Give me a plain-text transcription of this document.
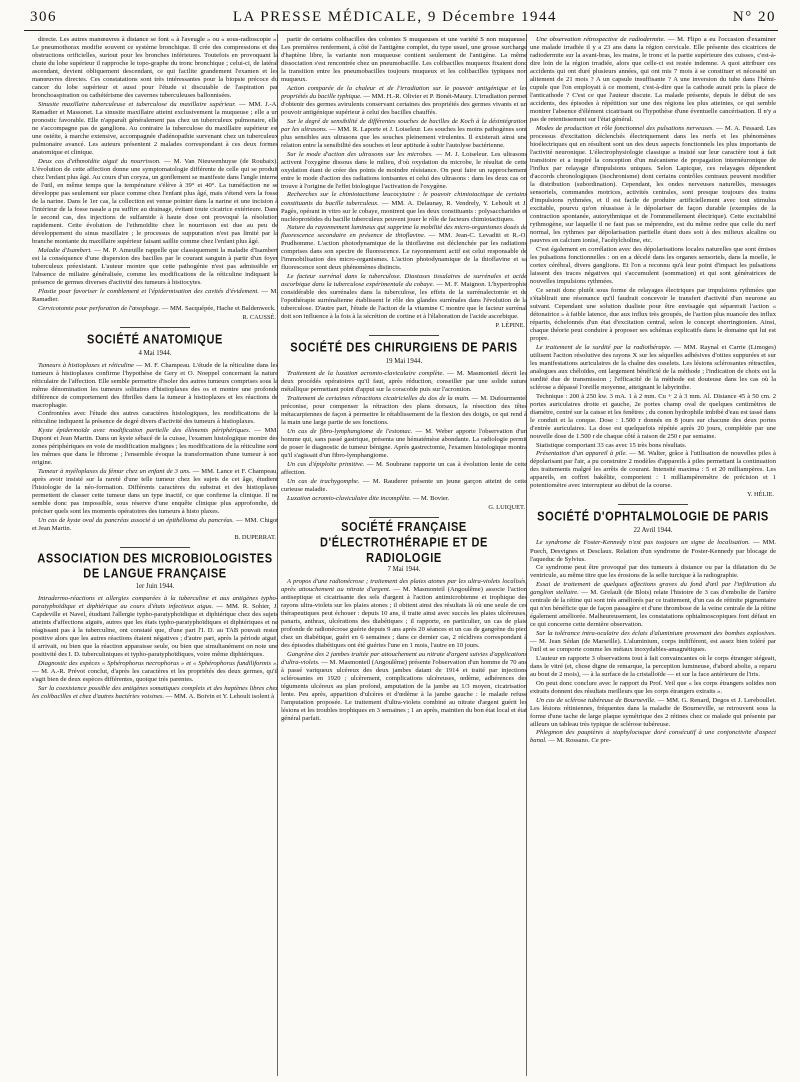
306	LA PRESSE MÉDICALE, 9 Décembre 1944	N° 20

directe. Les autres manœuvres à distance se font « à l'aveugle » ou « sous-radioscopie ». Le pneumothorax modifie souvent ce système bronchique. Il crée des compressions et des obstructions orificielles, surtout pour les bronches inférieures. Toutefois en provoquant la chute du lobe supérieur il rapproche le topo-graphe du tronc bronchique ; celui-ci, de latéral ascendant, devient obliquement descendant, ce qui facilite grandement l'examen et les manœuvres directes. Ces constatations sont très intéressantes pour la biopsie précoce du cancer du lobe supérieur et aussi pour l'étude si discutable de l'aspiration par bronchoaspiration ou cathétérisme des cavernes tuberculeuses ballonnisées.

Sinusite maxillaire tuberculeuse et tuberculose du maxillaire supérieur. — MM. J.-A. Ramadier et Massonet. La sinusite maxillaire atteint exclusivement la muqueuse ; elle a un pronostic favorable. Elle n'apparaît généralement pas chez un tuberculeux pulmonaire, elle ne s'accompagne pas de ganglions. Au contraire la tuberculose du maxillaire supérieur est une ostéite, à marche extensive, accompagnée d'adénopathie survenant chez un tuberculeux pulmonaire avancé. Les auteurs présentent 2 malades correspondant à ces deux formes anatomique et clinique.

Deux cas d'ethmoïdite aiguë du nourrisson. — M. Van Nieuwenhuyse (de Roubaix). L'évolution de cette affection donne une symptomatologie différente de celle qui se produit chez l'enfant plus âgé. Au cours d'un coryza, un gonflement se manifeste dans l'angle interne de l'œil, en même temps que la température s'élève à 39° et 40°. La tuméfaction ne se développe pas seulement sur place comme chez l'enfant plus âgé, mais s'étend vers la fosse de la narine. Dans le 1er cas, la collection est venue pointer dans la narine et une incision à l'intérieur de la fosse nasale a pu suffire au drainage, évitant toute cicatrice extérieure. Dans le second cas, des injections de sulfamide à haute dose ont provoqué la résolution rapidement. Cette évolution de l'ethmoïdite chez le nourrisson est due au peu de développement du sinus maxillaire ; le processus de suppuration n'est pas limité par la branche montante du maxillaire supérieur faisant saillie comme chez l'enfant plus âgé.

Maladie d'Isambert. — M. P. Ameuille rappelle que classiquement la maladie d'Isambert est la conséquence d'une dispersion des bacilles par le courant sanguin à partir d'un foyer tuberculeux préexistant. L'auteur montre que cette pathogénie n'est pas admissible en l'absence de miliaire généralisée, comme les modifications de la réticuline indiquant la présence de germes diverses d'activité des tumeurs à histiocytes.

Plastie pour favoriser le comblement et l'épidermisation des cavités d'évidement. — M. Ramadier.

Cervicotomie pour perforation de l'œsophage. — MM. Sacquépée, Hache et Baldenweck.

R. CAUSSÉ.
SOCIÉTÉ ANATOMIQUE
4 Mai 1944.

Tumeurs à histioplaxes et réticuline — M. F. Champeau. L'étude de la réticuline dans les tumeurs à histioplaxes confirme l'hypothèse de Gery et O. Noeppel concernant la nature réticulaire de l'affection. Elle semble permettre d'isoler des autres tumeurs comprises sous la même dénomination les tumeurs solitaires d'histioplaxes des os et montre une profonde différence de comportement des fibrilles dans la tumeur à histioplaxes et les réactions de macrophagie.

Confrontées avec l'étude des autres caractères histologiques, les modifications de la réticuline indiquent la présence de degré divers d'activité des tumeurs à histioplaxes.

Kyste épidermoïde avec modification partielle des éléments périphériques. — MM. Dupont et Jean Martin. Dans un kyste sébacé de la cuisse, l'examen histologique montre des zones périphériques en voie de modification malignes ; les modifications de la réticuline sont les mêmes que dans le fibrome ; l'ensemble évoque la transformation d'une tumeur à son origine.

Tumeur à myéloplaxes du fémur chez un enfant de 3 ans. — MM. Lance et F. Champeau, après avoir insisté sur la rareté d'une telle tumeur chez les sujets de cet âge, étudient l'histologie de la néo-formation. Différents caractères du substrat et des histioplaxes permettent de classer cette tumeur dans un type inactif, ce que confirme la clinique. Il ne semble donc pas impossible, sous réserve d'une enquête clinique plus approfondie, de préciser quels sont les moments opératoires des tumeurs à histo plaxes.

Un cas de kyste oval du pancréas associé à un épithélioma du pancréas. — MM. Chigot et Jean Martin.

B. DUPERRAT.
ASSOCIATION DES MICROBIOLOGISTES DE LANGUE FRANÇAISE
1er Juin 1944.

Intradermo-réactions et allergies comparées à la tuberculine et aux antigènes typho-paratyphoïdique et diphtérique au cours d'états infectieux aigus. — MM. R. Sohier, J. Capdeville et Navel, étudiant l'allergie typho-paratyphoïdique et diphtérique chez des sujets atteints d'affections aiguës, autres que les états typho-paratyphoïdiques et diphtériques et ne réagissant pas à la tuberculine, ont constaté que, d'une part l'I. D. au TAB pouvait rester positive alors que les autres réactions étaient négatives ; d'autre part, après la période aiguë, il arrivait, ou bien que la réaction apparaisse seule, ou bien que simultanément on note une positivité des I. D. tuberculiniques et typho-paratyphoïdiques, voire même diphtériques.

Diagnostic des espèces « Sphérophorus necrophorus » et « Sphérophorus fundiliformis ». — M. A.-R. Prévot conclut, d'après les caractères et les propriétés des deux germes, qu'il s'agit bien de deux espèces différentes, quoique très parentes.

Sur la coexistence possible des antigènes somatiques complets et des haptènes libres chez les colibacilles et chez d'autres bactéries voisines. — MM. A. Boivin et Y. Lehoult isolent à

partir de certains colibacilles des colonies S muqueuses et une variété S non muqueuse. Les premières renferment, à côté de l'antigène complet, du type usuel, une grosse surcharge d'haptène libre, la variante non muqueuse contient seulement de l'antigène. La même dissociation s'est rencontrée chez un pneumobacille. Les colibacilles muqueux fixaient donc la transition entre les pneumobacilles toujours muqueux et les colibacilles typiques non muqueux.

Action comparée de la chaleur et de l'irradiation sur le pouvoir antigénique et les propriétés du bacille typhique. — MM. H.-R. Olivier et P. Bonét-Maury. L'irradiation permet d'obtenir des germes avirulents conservant certaines des propriétés des germes vivants et un pouvoir antigénique supérieur à celui des bacilles chauffés.

Sur le degré de sensibilité de différentes souches de bacilles de Koch à la désintégration par les ultrasons. — MM. R. Laporte et J. Loiseleur. Les souches les moins pathogènes sont plus sensibles aux ultrasons que les souches pleinement virulentes. Il existerait ainsi une relation entre la sensibilité des souches et leur aptitude à subir l'autolyse bactérienne.

Sur le mode d'action des ultrasons sur les microbes. — M. J. Loiseleur. Les ultrasons activent l'oxygène dissous dans le milieu, d'où oxydation du microbe, le résultat de cette oxydation étant de créer des points de moindre résistance. On peut faire un rapprochement entre le mode d'action des radiations ionisantes et celui des ultrasons : dans les deux cas on trouve à l'origine de l'effet biologique l'activation de l'oxygène.

Recherches sur le chimiotactisme leucocytaire : le pouvoir chimiotactique de certains constituants du bacille tuberculeux. — MM. A. Delaunay, R. Vendrely, Y. Lehoult et J. Pagès, opérant in vitro sur le cobaye, montrent que les deux constituants : polysaccharides et nucléoprotéides du bacille tuberculeux peuvent jouer le rôle de facteurs chimiotactiques.

Nature du rayonnement lumineux qui supprime la mobilité des micro-organismes doués de fluorescence secondaire en présence de thioflavine. — MM. Jean-C. Levaditi et R.-O. Prudhomme. L'action photodynamique de la thioflavine est déclenchée par les radiations comprises dans son spectre de fluorescence. Le rayonnement actif est celui responsable de l'immobilisation des micro-organismes. L'action photodynamique de la thioflavine et sa fluorescence sont deux phénomènes distincts.

Le facteur surrénal dans la tuberculose. Diastases tissulaires de surrénales et acide ascorbique dans la tuberculose expérimentale du cobaye. — M. F. Maignon. L'hypertrophie considérable des surrénales dans la tuberculose, les effets de la surrénalectomie et de l'opothérapie surrénalienne établissent le rôle des glandes surrénales dans l'évolution de la tuberculose. D'autre part, l'étude de l'action de la vitamine C montre que le facteur surrénal doit son influence à la fois à la sécrétion de cortine et à l'élaboration de l'acide ascorbique.

P. LÉPINE.
SOCIÉTÉ DES CHIRURGIENS DE PARIS
19 Mai 1944.

Traitement de la luxation acromio-claviculaire complète. — M. Masmonteil décrit les deux procédés opératoires qu'il faut, après réduction, conseiller par une solide suture métallique permettant point d'appui sur la coracoïde puis sur l'acromion.

Traitement de certaines rétractions cicatricielles du dos de la main. — M. Dufourmentel préconise, pour compenser la rétraction des plans dorsaux, la résection des têtes métacarpiennes de façon à permettre le rétablissement de la flexion des doigts, ce qui rend à la main une large partie de ses fonctions.

Un cas de fibro-lymphangiome de l'estomac. — M. Weber apporte l'observation d'un homme qui, sans passé gastrique, présenta une hématémèse abondante. La radiologie permit de poser le diagnostic de tumeur bénigne. Après gastrectomie, l'examen histologique montra qu'il s'agissait d'un fibro-lymphangiome.

Un cas d'épiploïte primitive. — M. Soubrane rapporte un cas à évolution lente de cette affection.

Un cas de trachygomphe. — M. Rauderer présente un jeune garçon atteint de cette curieuse maladie.

Luxation acromio-claviculaire dite incomplète. — M. Bovier.

G. LUIQUET.
SOCIÉTÉ FRANÇAISE D'ÉLECTROTHÉRAPIE ET DE RADIOLOGIE
7 Mai 1944.

A propos d'une radionécrose ; traitement des plaies atones par les ultra-violets localisés, après attouchement au nitrate d'argent. — M. Masmonteil (Angoulême) associe l'action antiseptique et cicatrisante des sels d'argent à l'action antimicrobienne et trophique des rayons ultra-violets sur les plaies atones ; il obtient ainsi des résultats là où une seule de ces thérapeutiques peut échouer : depuis 10 ans, il traite ainsi avec succès les plaies ulcéreuses, panaris, anthrax, ulcérations des diabétiques ; il rapporte, en particulier, un cas de plaie profonde de radionécrose guérie depuis 9 ans après 20 séances et un cas de gangrène du pied chez un diabétique, guéri en 6 semaines ; dans ce dernier cas, 2 récidives correspondant à des épisodes diabétiques ont été guéries l'une en 1 mois, l'autre en 10 jours.

Gangrène des 2 jambes traitée par attouchement au nitrate d'argent suivies d'applications d'ultra-violets. — M. Masmonteil (Angoulême) présente l'observation d'un homme de 70 ans à passé variqueux ulcéreux des deux jambes datant de 1914 et traité par injections sclérosantes en 1920 ; ulcèrement, complications ulcéreuses, œdème, adhérences des téguments ulcéreux au plan profond, amputation de la jambe au 1/3 moyen, cicatrisation lente. Peu après, apparition d'ulcères et d'œdème à la jambe gauche : le malade refuse l'amputation proposée. Le traitement d'ultra-violets combiné au nitrate d'argent guérit les lésions et les troubles trophiques en 3 semaines ; 1 an après, maintien du bon état local et état général parfait.

Une observation rétrospective de radiodermite. — M. Flipo a eu l'occasion d'examiner une malade irradiée il y a 23 ans dans la région cervicale. Elle présente des cicatrices de radiodermite sur la avant-bras, les mains, le tronc et la partie supérieure des cuisses, c'est-à-dire loin de la région irradiée, alors que celle-ci est restée indemne. A quoi attribuer ces accidents qui ont duré plusieurs années, qui ont mis 7 mois à se constituer et nécessité un alitement de 21 mois ? A un capsule insuffisante ? A une inversion du tube dans l'hémi-cupule que l'on employait à ce moment, c'est-à-dire que la cathode aurait pris la place de l'anticathode ? C'est ce que l'auteur discute. La malade présente, depuis le début de ses accidents, des épisodes à répétition sur une des régions les plus atteintes, ce qui semble montrer l'absence d'élément cicatrisant ou l'hypothèse d'une éventuelle cancérisation. Il n'y a pas de retentissement sur l'état général.

Modes de production et rôle fonctionnel des pulsations nerveuses. — M. A. Fessard. Les processus d'excitation déclenchés électriquement dans les nerfs et les phénomènes bioélectriques qui en résultent sont un des deux aspects fonctionnels les plus importants de l'activité neuronique. L'électrophysiologie classique a insisté sur leur caractère tout à fait transitoire et a inspiré la conception d'un mécanisme de propagation internéuronique de l'influx par relayage d'impulsions uniques. Selon Lapicque, ces relayages dépendent d'accords chronologiques (isochronisme) dont certains contrôles centraux peuvent modifier la distribution (subordination). Cependant, les ondes nerveuses naturelles, messages sensoriels, commandes motrices, activités centrales, sont presque toujours des trains d'impulsions rythmées, et il est facile de produire artificiellement avec tout stimulus excitable, pourvu qu'on réussisse à le dépolariser de façon durable (exemples de la contraction spontanée, autorythmique et de l'ommmellement électrique). Cette excitabilité rythmogène, sur laquelle il ne faut pas se méprendre, est du même ordre que celle du nerf normal, les rythmes par dépolarisation partielle étant dues soit à des milieux alcalins ou pauvres en calcium ionisé, l'acétylcholine, etc.

C'est également en corrélation avec des dépolarisations locales naturelles que sont émises les pulsations fonctionnelles : on en a décelé dans les organes sensoriels, dans la moelle, le cortex cérébral, divers ganglions. Et l'on a reconnu qu'à leur point d'impact les pulsations laissent des traces négatives qui s'accumulent (sommation) et qui sont génératrices de nouvelles impulsions rythmées.

Ce serait donc plutôt sous forme de relayages électriques par impulsions rythmées que s'établirait une résonance qu'il faudrait concevoir le transfert d'activité d'un neurone au suivant. Cependant une solution dualiste pour être envisagée qui séparerait l'action « détonatrice » à faible latence, due aux influx très groupés, de l'action plus nuancée des influx répartis, échelonnés d'un état d'excitation central, selon le concept sherringtonien. Ainsi, chaque théorie peut conduire à proposer ses schémas explicatifs dans le domaine qui lui est propre.

Le traitement de la surdité par la radiothérapie. — MM. Raynal et Carrie (Limoges) utilisent l'action résolutive des rayons X sur les séquelles adhésives d'otites suppurées et sur les manifestations auriculaires de la chaîne des osselets. Les lésions sclérosantes rétractiles, analogues aux chéloïdes, ont largement bénéficié de la méthode ; l'indication de choix est la surdité due de transmission ; l'efficacité de la méthode est douteuse dans les cas où la sclérose a dépassé l'oreille moyenne, atteignant le labyrinthe.

Technique : 200 à 250 kw. 3 mA. 1 à 2 mm. Cu + 2 à 3 mm. Al. Distance 45 à 50 cm. 2 portes auriculaires droite et gauche, 2e portes champ oval de quelques centimètres de diamètre, centré sur la caisse et les fenêtres ; du conon hydrophile imbibé d'eau est tassé dans le conduit et la conque. Dose : 1.500 r donnés en 8 jours sur chacune des deux portes d'entrée auriculaires. La dose est quelquefois répétée après 20 jours, complétée par une nouvelle dose de 1.500 r de chaque côté à raison de 250 r par semaine.

Statistique comportant 33 cas avec 15 très bons résultats.

Présentation d'un appareil à pile. — M. Walter, grâce à l'utilisation de nouvelles piles à dépolarisant par l'air, a pu construire 2 modèles d'appareils à piles permettant la continuation des traitements malgré les arrêts de courant. Intensité maxima : 5 et 20 milliampères. Les appareils, en coffret bakélite, comportent : 1 milliampèremètre de précision et 1 potentiomètre avec interrupteur au début de la course.

Y. HÉLIE.
SOCIÉTÉ D'OPHTALMOLOGIE DE PARIS
22 Avril 1944.

Le syndrome de Foster-Kennedy n'est pas toujours un signe de localisation. — MM. Puech, Desvignes et Desclaux. Relation d'un syndrome de Foster-Kennedy par blocage de l'aqueduc de Sylvius.

Ce syndrome peut être provoqué par des tumeurs à distance ou par la dilatation du 3e ventricule, au même titre que les érosions de la selle turcique à la radiographie.

Essai de traitement de quelques affections graves du fond d'œil par l'infiltration du ganglion stellaire. — M. Grelault (de Blois) relate l'histoire de 3 cas d'embolie de l'artère centrale de la rétine qui sont très améliorés par ce traitement, d'un cas de rétinite pigmentaire qui n'en bénéficie que de façon passagère et d'une thrombose de la veine centrale de la rétine également améliorée. Malheureusement, les constatations ophtalmoscopiques font défaut en ce qui concerne cette dernière observation.

Sur la tolérance intra-oculaire des éclats d'aluminium provenant des bombes explosives. — M. Jean Sédan (de Marseille). L'aluminium, corps indifférent, est assez bien toléré par l'œil et se comporte comme les métaux inoxydables-amagnétiques.

L'auteur en rapporte 3 observations tout à fait convaincantes où le corps étranger siégeait, dans le vitré (et, chose digne de remarque, la perception lumineuse, d'abord abolie, a reparu au bout de 2 mois), — à la surface de la cristalloïde — et sur la face antérieure de l'iris.

On peut donc conclure avec le rapport du Prof. Veil que « les corps étrangers solides non extraits donnent des résultats meilleurs que les corps étrangers extraits ».

Un cas de sclérose tubéreuse de Bourneville. — MM. G. Renard, Degos et J. Lereboullet. Les lésions rétiniennes, fréquentes dans la maladie de Bourneville, se retrouvent sous la forme d'une tache de large plaque symétrique des 2 rétines chez ce malade qui présente par ailleurs un tableau très typique de sclérose tubéreuse.

Phlegmon des paupières à staphylocoque doré consécutif à une conjonctivite d'aspect banal. — M. Rossano. Ce pre-
